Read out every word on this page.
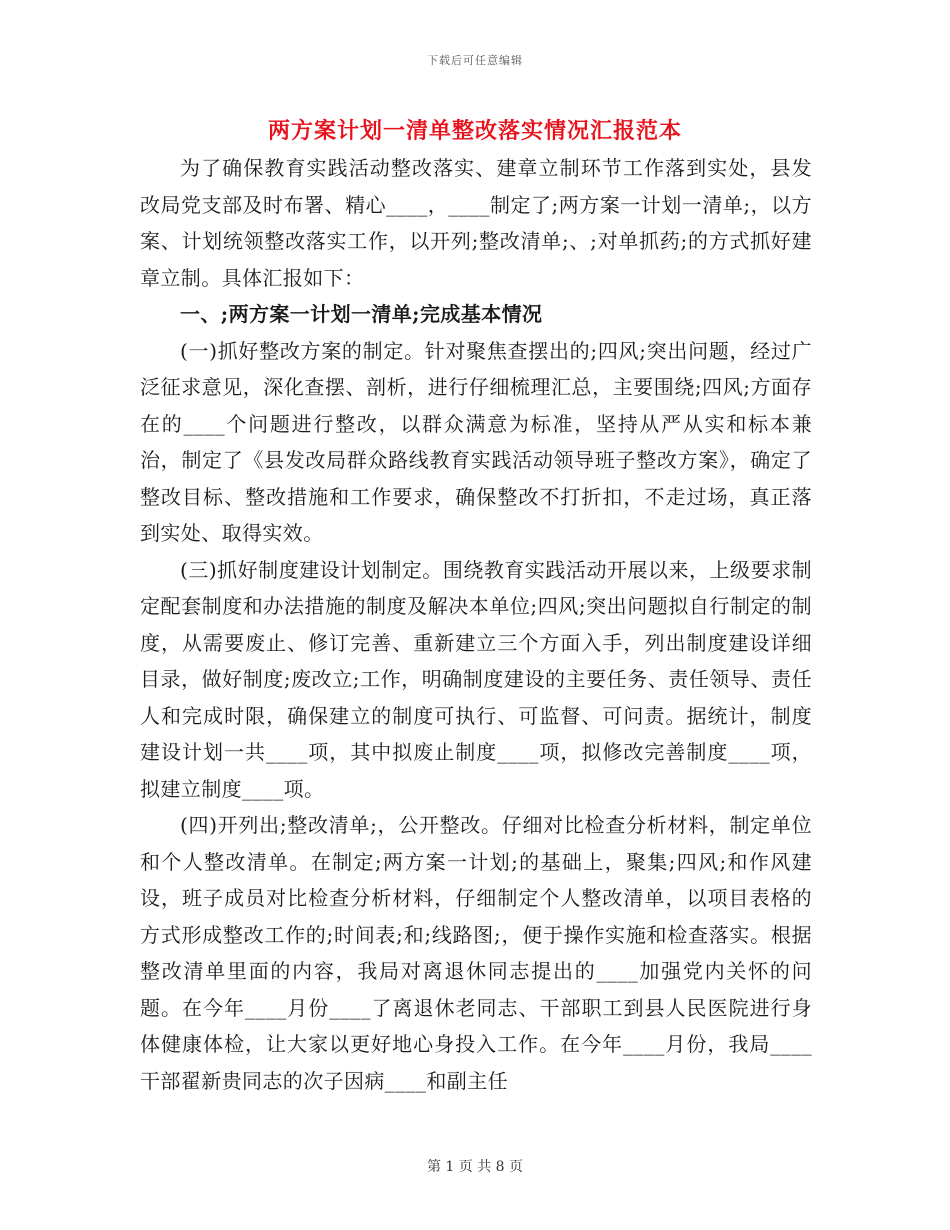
下载后可任意编辑
两方案计划一清单整改落实情况汇报范本

为了确保教育实践活动整改落实、建章立制环节工作落到实处，县发改局党支部及时布署、精心____，____制定了;两方案一计划一清单;，以方案、计划统领整改落实工作，以开列;整改清单;、;对单抓药;的方式抓好建章立制。具体汇报如下：

一、;两方案一计划一清单;完成基本情况

(一)抓好整改方案的制定。针对聚焦查摆出的;四风;突出问题，经过广泛征求意见，深化查摆、剖析，进行仔细梳理汇总，主要围绕;四风;方面存在的____个问题进行整改，以群众满意为标准，坚持从严从实和标本兼治，制定了《县发改局群众路线教育实践活动领导班子整改方案》，确定了整改目标、整改措施和工作要求，确保整改不打折扣，不走过场，真正落到实处、取得实效。

(三)抓好制度建设计划制定。围绕教育实践活动开展以来，上级要求制定配套制度和办法措施的制度及解决本单位;四风;突出问题拟自行制定的制度，从需要废止、修订完善、重新建立三个方面入手，列出制度建设详细目录，做好制度;废改立;工作，明确制度建设的主要任务、责任领导、责任人和完成时限，确保建立的制度可执行、可监督、可问责。据统计，制度建设计划一共____项，其中拟废止制度____项，拟修改完善制度____项，拟建立制度____项。

(四)开列出;整改清单;，公开整改。仔细对比检查分析材料，制定单位和个人整改清单。在制定;两方案一计划;的基础上，聚集;四风;和作风建设，班子成员对比检查分析材料，仔细制定个人整改清单，以项目表格的方式形成整改工作的;时间表;和;线路图;，便于操作实施和检查落实。根据整改清单里面的内容，我局对离退休同志提出的____加强党内关怀的问题。在今年____月份____了离退休老同志、干部职工到县人民医院进行身体健康体检，让大家以更好地心身投入工作。在今年____月份，我局____干部翟新贵同志的次子因病____和副主任

第 1 页 共 8 页
